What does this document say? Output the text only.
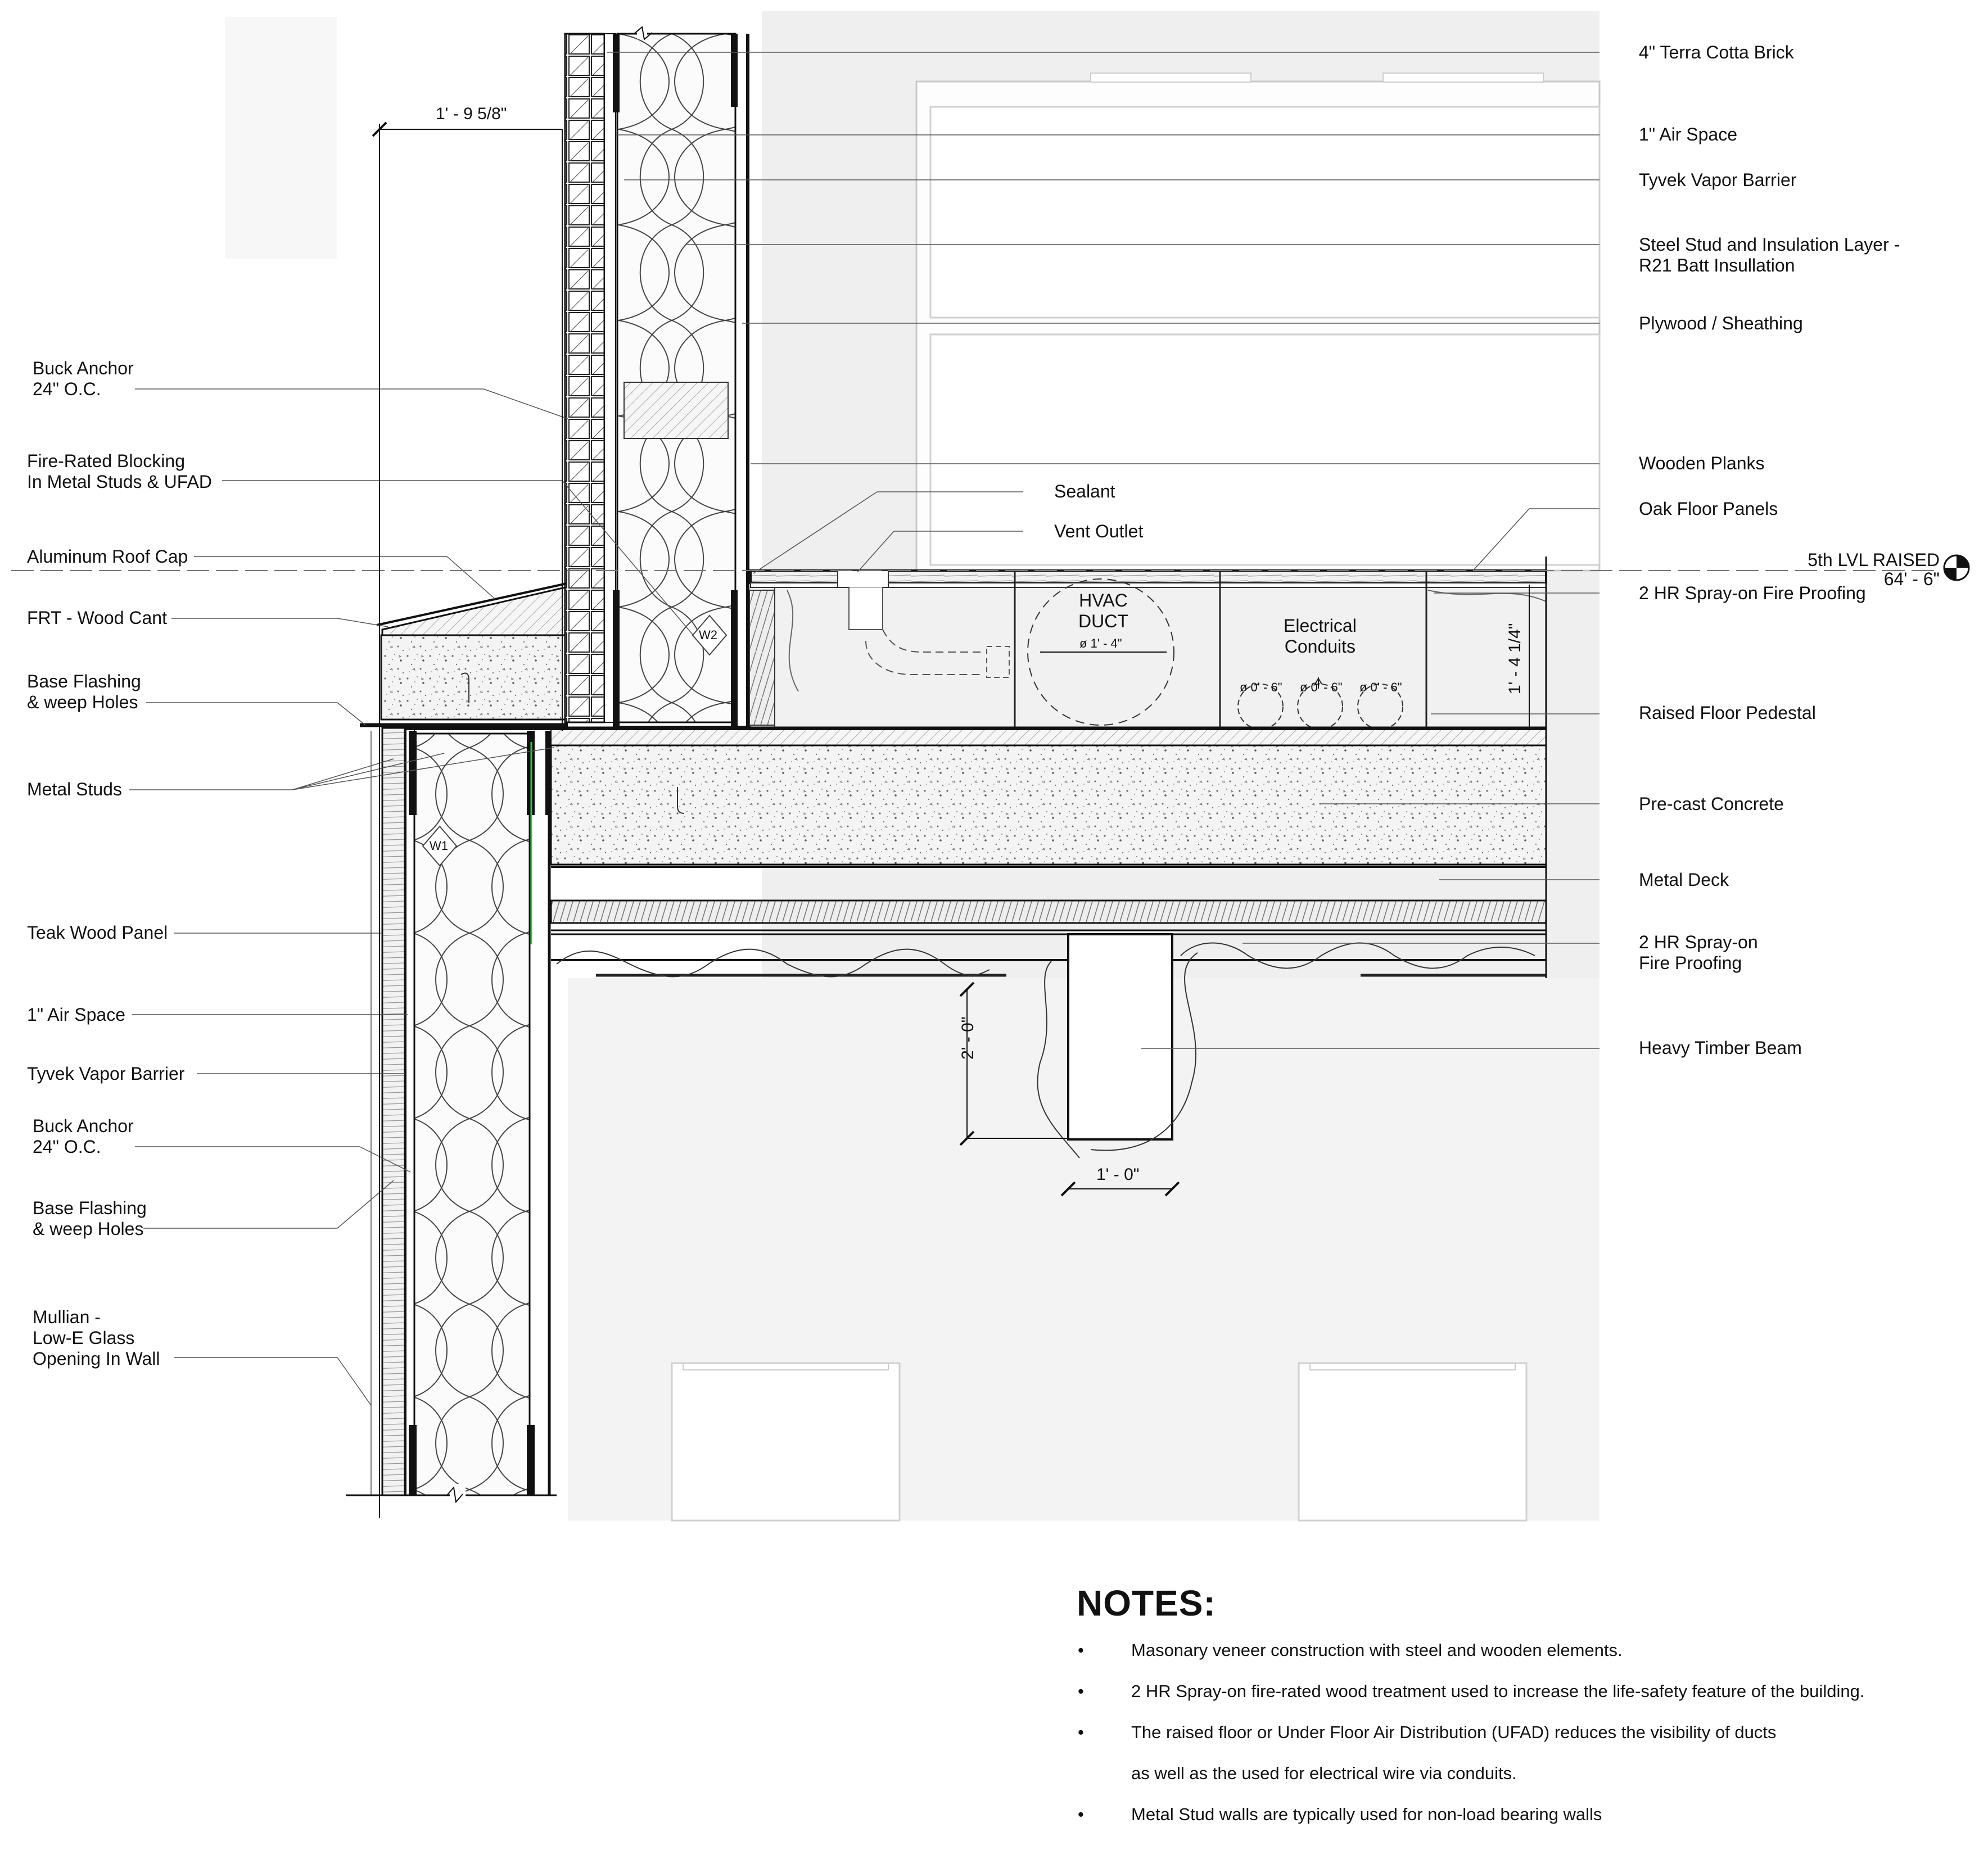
4" Terra Cotta Brick
1" Air Space
Tyvek Vapor Barrier
Steel Stud and Insulation Layer -
R21 Batt Insullation
Plywood / Sheathing
Wooden Planks
Oak Floor Panels
2 HR Spray-on Fire Proofing
Raised Floor Pedestal
Pre-cast Concrete
Metal Deck
2 HR Spray-on
Fire Proofing
Heavy Timber Beam
Buck Anchor
24" O.C.
Fire-Rated Blocking
In Metal Studs & UFAD
Aluminum Roof Cap
FRT - Wood Cant
Base Flashing
& weep Holes
Metal Studs
Teak Wood Panel
1" Air Space
Tyvek Vapor Barrier
Buck Anchor
24" O.C.
Base Flashing
& weep Holes
Mullian -
Low-E Glass
Opening In Wall
Sealant
Vent Outlet
HVAC
DUCT
ø 1' - 4"
Electrical
Conduits
ø 0' - 6" ø 0' - 6" ø 0' - 6"
W1
W2
1' - 9 5/8"
1' - 4 1/4"
2' - 0"
1' - 0"
5th LVL RAISED
64' - 6"
NOTES:
•	Masonary veneer construction with steel and wooden elements.
•	2 HR Spray-on fire-rated wood treatment used to increase the life-safety feature of the building.
•	The raised floor or Under Floor Air Distribution (UFAD) reduces the visibility of ducts
as well as the used for electrical wire via conduits.
•	Metal Stud walls are typically used for non-load bearing walls
